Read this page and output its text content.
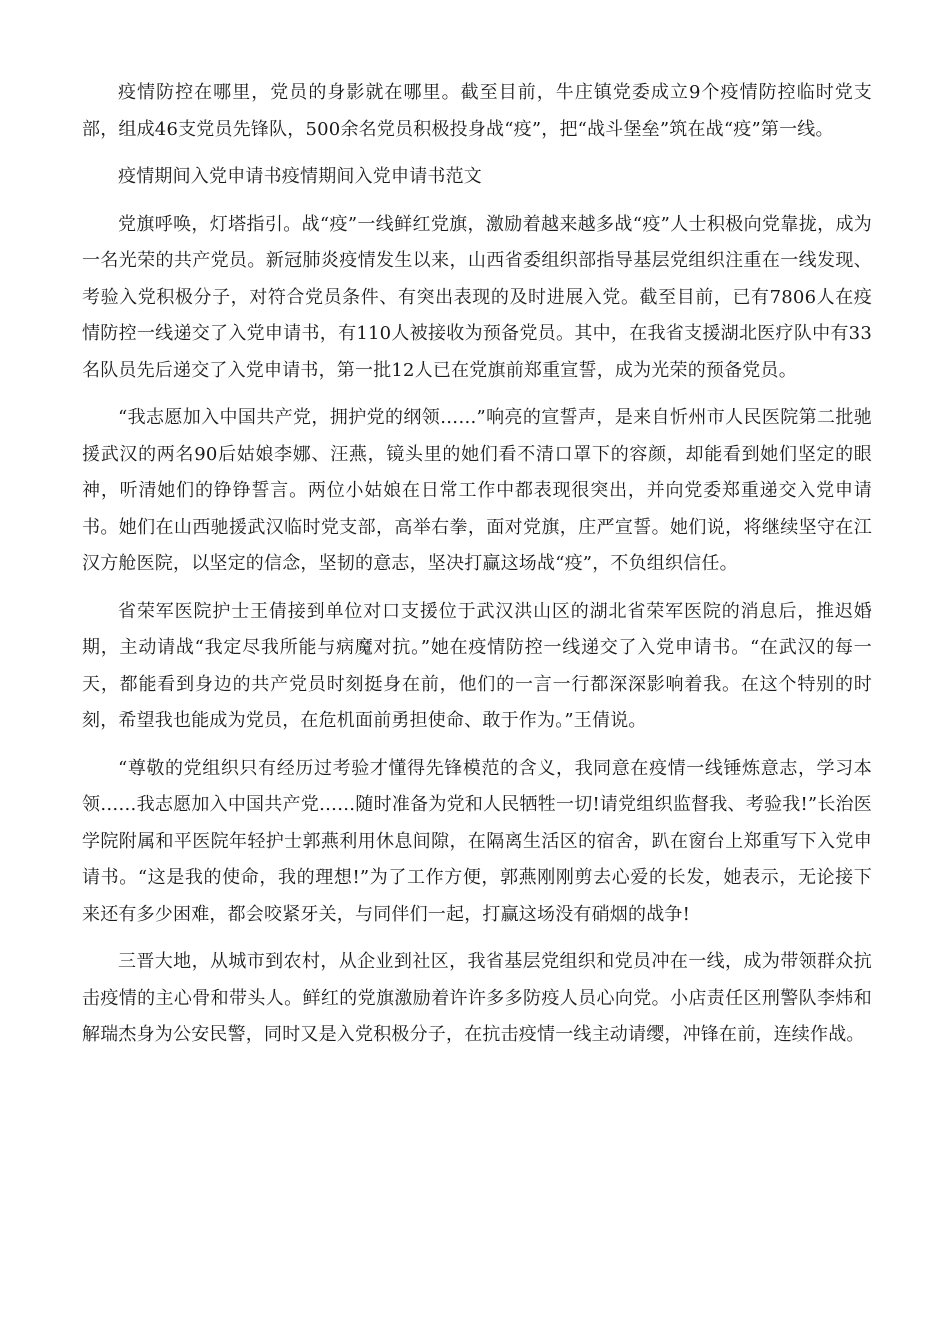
疫情防控在哪里，党员的身影就在哪里。截至目前，牛庄镇党委成立9个疫情防控临时党支部，组成46支党员先锋队，500余名党员积极投身战“疫”，把“战斗堡垒”筑在战“疫”第一线。

疫情期间入党申请书疫情期间入党申请书范文

党旗呼唤，灯塔指引。战“疫”一线鲜红党旗，激励着越来越多战“疫”人士积极向党靠拢，成为一名光荣的共产党员。新冠肺炎疫情发生以来，山西省委组织部指导基层党组织注重在一线发现、考验入党积极分子，对符合党员条件、有突出表现的及时进展入党。截至目前，已有7806人在疫情防控一线递交了入党申请书，有110人被接收为预备党员。其中，在我省支援湖北医疗队中有33名队员先后递交了入党申请书，第一批12人已在党旗前郑重宣誓，成为光荣的预备党员。

“我志愿加入中国共产党，拥护党的纲领……”响亮的宣誓声，是来自忻州市人民医院第二批驰援武汉的两名90后姑娘李娜、汪燕，镜头里的她们看不清口罩下的容颜，却能看到她们坚定的眼神，听清她们的铮铮誓言。两位小姑娘在日常工作中都表现很突出，并向党委郑重递交入党申请书。她们在山西驰援武汉临时党支部，高举右拳，面对党旗，庄严宣誓。她们说，将继续坚守在江汉方舱医院，以坚定的信念，坚韧的意志，坚决打赢这场战“疫”，不负组织信任。

省荣军医院护士王倩接到单位对口支援位于武汉洪山区的湖北省荣军医院的消息后，推迟婚期，主动请战“我定尽我所能与病魔对抗。”她在疫情防控一线递交了入党申请书。“在武汉的每一天，都能看到身边的共产党员时刻挺身在前，他们的一言一行都深深影响着我。在这个特别的时刻，希望我也能成为党员，在危机面前勇担使命、敢于作为。”王倩说。

“尊敬的党组织只有经历过考验才懂得先锋模范的含义，我同意在疫情一线锤炼意志，学习本领……我志愿加入中国共产党……随时准备为党和人民牺牲一切!请党组织监督我、考验我!”长治医学院附属和平医院年轻护士郭燕利用休息间隙，在隔离生活区的宿舍，趴在窗台上郑重写下入党申请书。“这是我的使命，我的理想!”为了工作方便，郭燕刚刚剪去心爱的长发，她表示，无论接下来还有多少困难，都会咬紧牙关，与同伴们一起，打赢这场没有硝烟的战争!

三晋大地，从城市到农村，从企业到社区，我省基层党组织和党员冲在一线，成为带领群众抗击疫情的主心骨和带头人。鲜红的党旗激励着许许多多防疫人员心向党。小店责任区刑警队李炜和解瑞杰身为公安民警，同时又是入党积极分子，在抗击疫情一线主动请缨，冲锋在前，连续作战。
